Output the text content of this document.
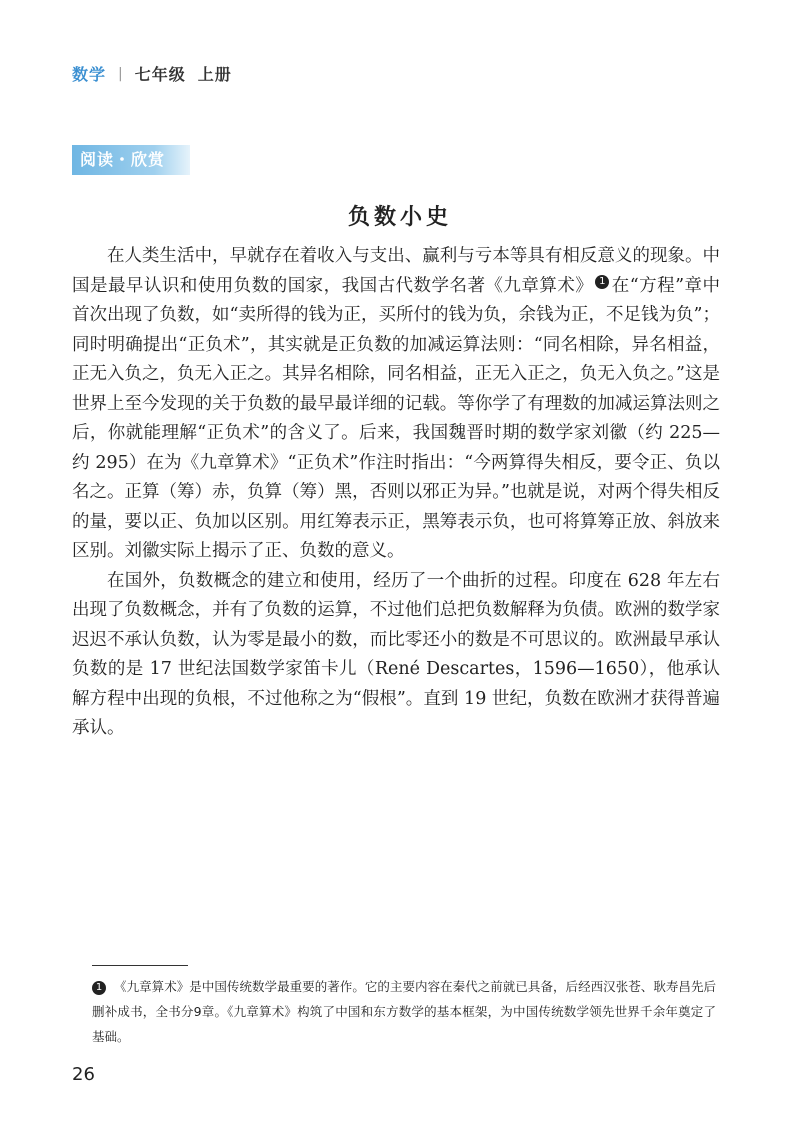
数学 | 七年级 上册
阅读・欣赏
负数小史

在人类生活中，早就存在着收入与支出、赢利与亏本等具有相反意义的现象。中国是最早认识和使用负数的国家，我国古代数学名著《九章算术》 1 在“方程”章中首次出现了负数，如“卖所得的钱为正，买所付的钱为负，余钱为正，不足钱为负”；同时明确提出“正负术”，其实就是正负数的加减运算法则：“同名相除，异名相益，正无入负之，负无入正之。其异名相除，同名相益，正无入正之，负无入负之。”这是世界上至今发现的关于负数的最早最详细的记载。等你学了有理数的加减运算法则之后，你就能理解“正负术”的含义了。后来，我国魏晋时期的数学家刘徽（约 225—约 295）在为《九章算术》“正负术”作注时指出：“今两算得失相反，要令正、负以名之。正算（筹）赤，负算（筹）黑，否则以邪正为异。”也就是说，对两个得失相反的量，要以正、负加以区别。用红筹表示正，黑筹表示负，也可将算筹正放、斜放来区别。刘徽实际上揭示了正、负数的意义。

在国外，负数概念的建立和使用，经历了一个曲折的过程。印度在 628 年左右出现了负数概念，并有了负数的运算，不过他们总把负数解释为负债。欧洲的数学家迟迟不承认负数，认为零是最小的数，而比零还小的数是不可思议的。欧洲最早承认负数的是 17 世纪法国数学家笛卡儿（René Descartes，1596—1650），他承认解方程中出现的负根，不过他称之为“假根”。直到 19 世纪，负数在欧洲才获得普遍承认。

1 《九章算术》是中国传统数学最重要的著作。它的主要内容在秦代之前就已具备，后经西汉张苍、耿寿昌先后删补成书，全书分9章。《九章算术》构筑了中国和东方数学的基本框架，为中国传统数学领先世界千余年奠定了基础。
26
